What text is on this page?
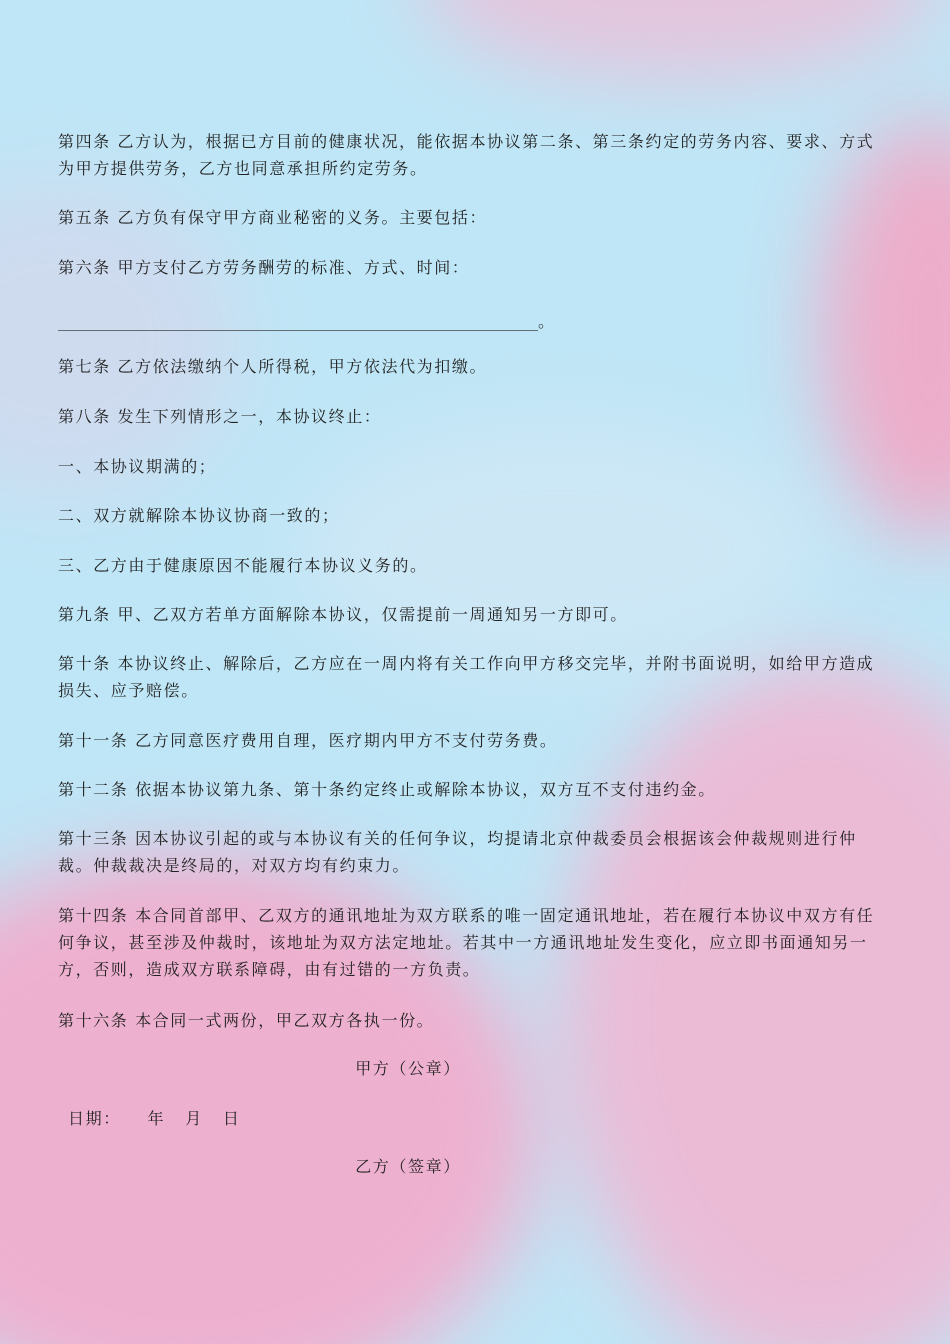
第四条 乙方认为，根据已方目前的健康状况，能依据本协议第二条、第三条约定的劳务内容、要求、方式为甲方提供劳务，乙方也同意承担所约定劳务。

第五条 乙方负有保守甲方商业秘密的义务。主要包括：

第六条 甲方支付乙方劳务酬劳的标准、方式、时间：

____________________________________________________________。

第七条 乙方依法缴纳个人所得税，甲方依法代为扣缴。

第八条 发生下列情形之一，本协议终止：

一、本协议期满的；

二、双方就解除本协议协商一致的；

三、乙方由于健康原因不能履行本协议义务的。

第九条 甲、乙双方若单方面解除本协议，仅需提前一周通知另一方即可。

第十条 本协议终止、解除后，乙方应在一周内将有关工作向甲方移交完毕，并附书面说明，如给甲方造成损失、应予赔偿。

第十一条 乙方同意医疗费用自理，医疗期内甲方不支付劳务费。

第十二条 依据本协议第九条、第十条约定终止或解除本协议，双方互不支付违约金。

第十三条 因本协议引起的或与本协议有关的任何争议，均提请北京仲裁委员会根据该会仲裁规则进行仲裁。仲裁裁决是终局的，对双方均有约束力。

第十四条 本合同首部甲、乙双方的通讯地址为双方联系的唯一固定通讯地址，若在履行本协议中双方有任何争议，甚至涉及仲裁时，该地址为双方法定地址。若其中一方通讯地址发生变化，应立即书面通知另一方，否则，造成双方联系障碍，由有过错的一方负责。

第十六条 本合同一式两份，甲乙双方各执一份。

甲方（公章）

日期：    年   月   日

乙方（签章）
